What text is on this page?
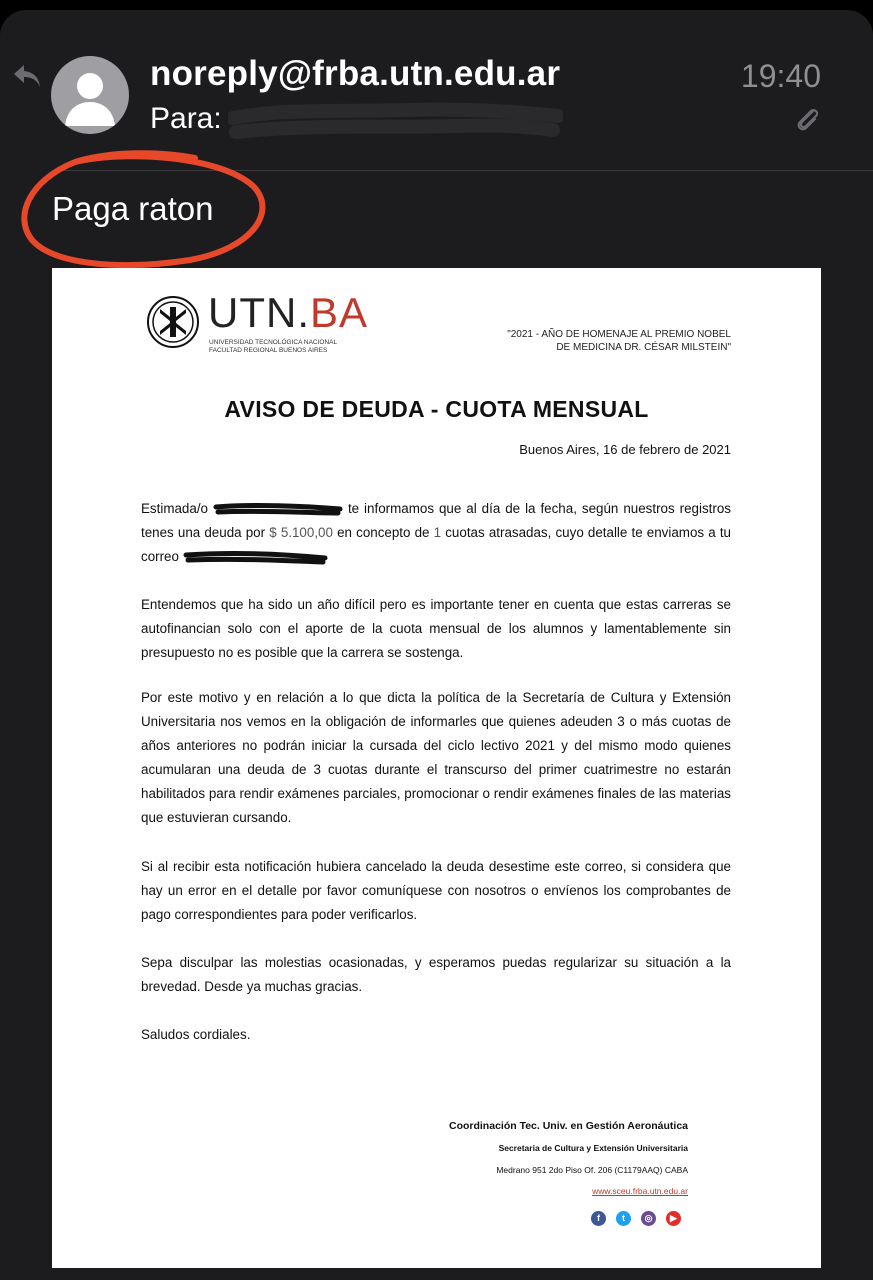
noreply@frba.utn.edu.ar
Para:
19:40
Paga raton
UTN.BA
UNIVERSIDAD TECNOLÓGICA NACIONAL
FACULTAD REGIONAL BUENOS AIRES
"2021 - AÑO DE HOMENAJE AL PREMIO NOBEL
DE MEDICINA DR. CÉSAR MILSTEIN"
AVISO DE DEUDA - CUOTA MENSUAL
Buenos Aires, 16 de febrero de 2021

Estimada/o	te informamos que al día de la fecha, según nuestros registros tenes una deuda por $ 5.100,00 en concepto de 1 cuotas atrasadas, cuyo detalle te enviamos a tu correo

Entendemos que ha sido un año difícil pero es importante tener en cuenta que estas carreras se autofinancian solo con el aporte de la cuota mensual de los alumnos y lamentablemente sin presupuesto no es posible que la carrera se sostenga.

Por este motivo y en relación a lo que dicta la política de la Secretaría de Cultura y Extensión Universitaria nos vemos en la obligación de informarles que quienes adeuden 3 o más cuotas de años anteriores no podrán iniciar la cursada del ciclo lectivo 2021 y del mismo modo quienes acumularan una deuda de 3 cuotas durante el transcurso del primer cuatrimestre no estarán habilitados para rendir exámenes parciales, promocionar o rendir exámenes finales de las materias que estuvieran cursando.

Si al recibir esta notificación hubiera cancelado la deuda desestime este correo, si considera que hay un error en el detalle por favor comuníquese con nosotros o envíenos los comprobantes de pago correspondientes para poder verificarlos.

Sepa disculpar las molestias ocasionadas, y esperamos puedas regularizar su situación a la brevedad. Desde ya muchas gracias.

Saludos cordiales.

Coordinación Tec. Univ. en Gestión Aeronáutica
Secretaria de Cultura y Extensión Universitaria
Medrano 951 2do Piso Of. 206 (C1179AAQ) CABA
www.sceu.frba.utn.edu.ar
f	t	◎	▶
